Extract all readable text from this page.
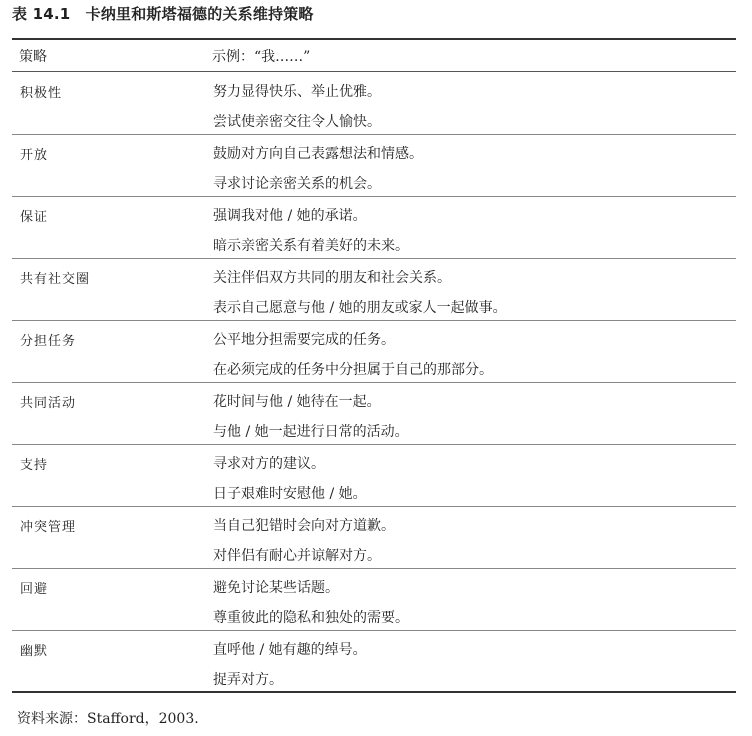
表 14.1　卡纳里和斯塔福德的关系维持策略
策略	示例：“我……”
积极性	努力显得快乐、举止优雅。
尝试使亲密交往令人愉快。
开放	鼓励对方向自己表露想法和情感。
寻求讨论亲密关系的机会。
保证	强调我对他 / 她的承诺。
暗示亲密关系有着美好的未来。
共有社交圈	关注伴侣双方共同的朋友和社会关系。
表示自己愿意与他 / 她的朋友或家人一起做事。
分担任务	公平地分担需要完成的任务。
在必须完成的任务中分担属于自己的那部分。
共同活动	花时间与他 / 她待在一起。
与他 / 她一起进行日常的活动。
支持	寻求对方的建议。
日子艰难时安慰他 / 她。
冲突管理	当自己犯错时会向对方道歉。
对伴侣有耐心并谅解对方。
回避	避免讨论某些话题。
尊重彼此的隐私和独处的需要。
幽默	直呼他 / 她有趣的绰号。
捉弄对方。
资料来源：Stafford，2003.
